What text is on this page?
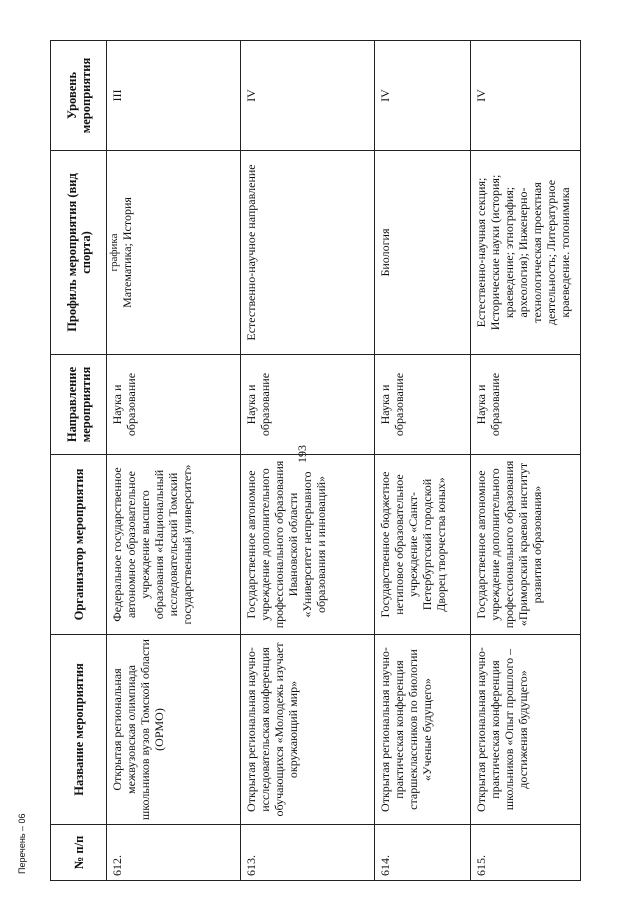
193
№ п/п	Название мероприятия	Организатор мероприятия	Направление мероприятия	Профиль мероприятия (вид спорта)	Уровень мероприятия
612.	Открытая региональная межвузовская олимпиада школьников вузов Томской области (ОРМО)	Федеральное государственное автономное образовательное учреждение высшего образования «Национальный исследовательский Томский государственный университет»	Наука и образование	графика Математика; История	III
613.	Открытая региональная научно-исследовательская конференция обучающихся «Молодежь изучает окружающий мир»	Государственное автономное учреждение дополнительного профессионального образования Ивановской области «Университет непрерывного образования и инноваций»	Наука и образование	Естественно-научное направление	IV
614.	Открытая региональная научно-практическая конференция старшеклассников по биологии «Ученые будущего»	Государственное бюджетное нетиповое образовательное учреждение «Санкт-Петербургский городской Дворец творчества юных»	Наука и образование	Биология	IV
615.	Открытая региональная научно-практическая конференция школьников «Опыт прошлого – достижения будущего»	Государственное автономное учреждение дополнительного профессионального образования «Приморский краевой институт развития образования»	Наука и образование	Естественно-научная секция; Исторические науки (история; краеведение; этнография; археология); Инженерно-технологическая проектная деятельность; Литературное краеведение. топонимика	IV
Перечень – 06
